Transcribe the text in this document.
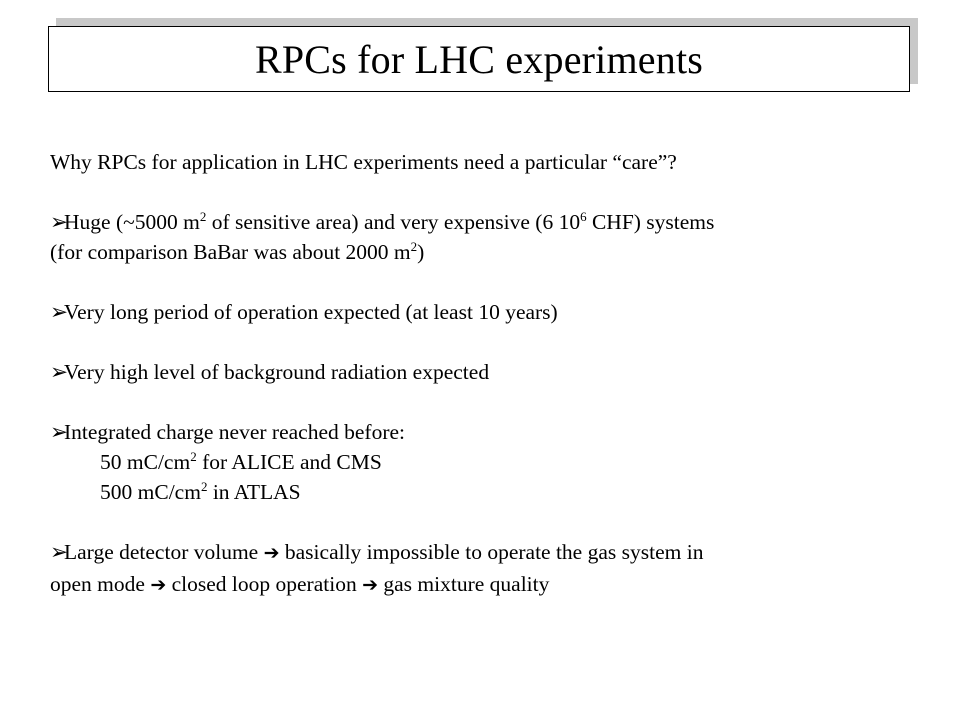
RPCs for LHC experiments
Why RPCs for application in LHC experiments need a particular “care”?
➢Huge (~5000 $m^2$ of sensitive area) and very expensive (6 $10^6$ CHF) systems
(for comparison BaBar was about 2000 $m^2$)
➢Very long period of operation expected (at least 10 years)
➢Very high level of background radiation expected
➢Integrated charge never reached before:
50 $mC/cm^2$ for ALICE and CMS
500 $mC/cm^2$ in ATLAS
➢Large detector volume ➔ basically impossible to operate the gas system in
open mode ➔ closed loop operation ➔ gas mixture quality
